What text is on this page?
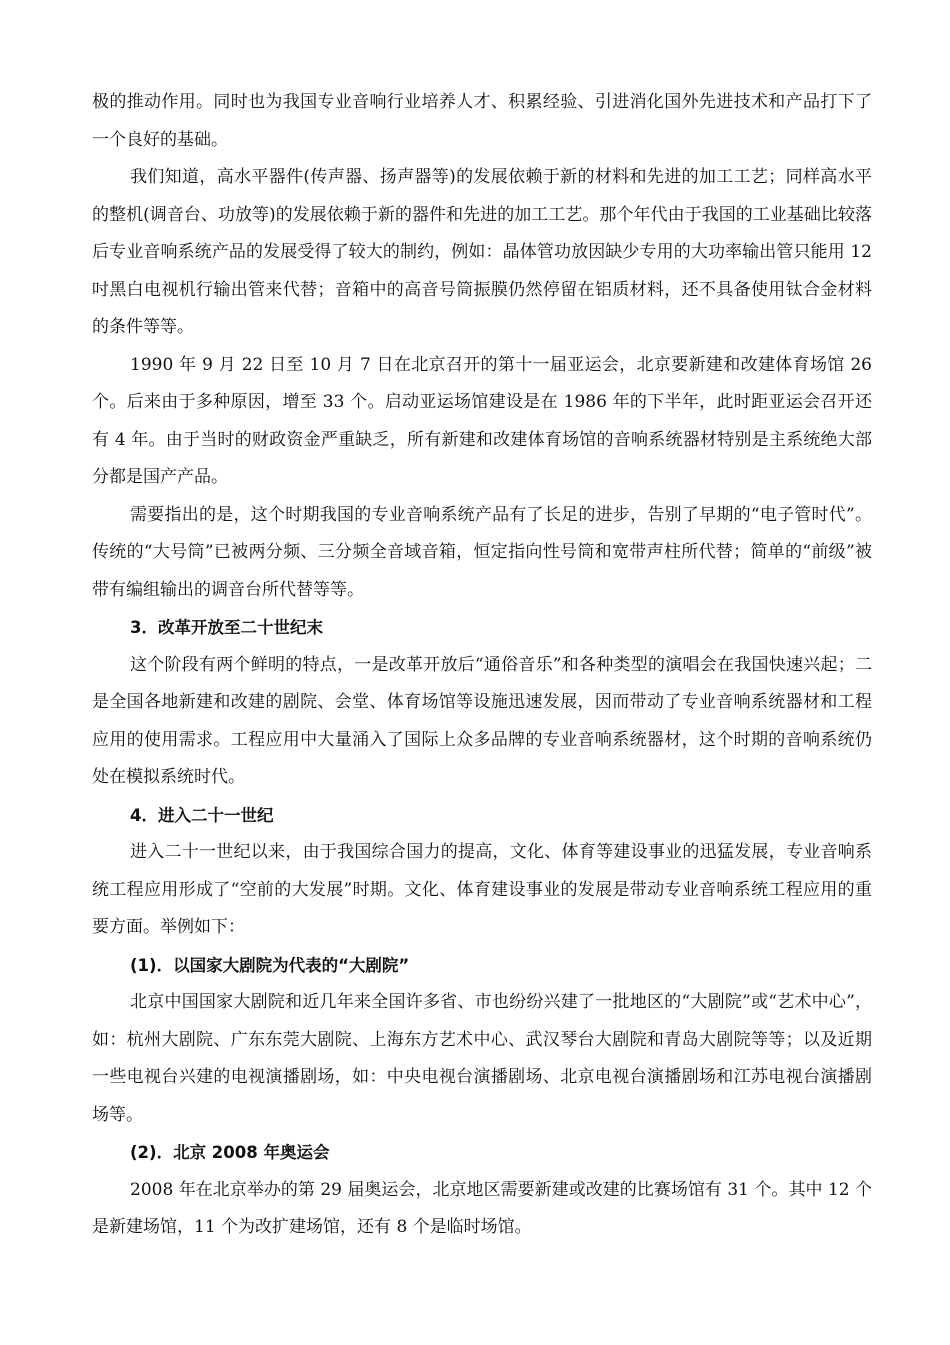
极的推动作用。同时也为我国专业音响行业培养人才、积累经验、引进消化国外先进技术和产品打下了一个良好的基础。

我们知道，高水平器件(传声器、扬声器等)的发展依赖于新的材料和先进的加工工艺；同样高水平的整机(调音台、功放等)的发展依赖于新的器件和先进的加工工艺。那个年代由于我国的工业基础比较落后专业音响系统产品的发展受得了较大的制约，例如：晶体管功放因缺少专用的大功率输出管只能用 12 吋黑白电视机行输出管来代替；音箱中的高音号筒振膜仍然停留在铝质材料，还不具备使用钛合金材料的条件等等。

1990 年 9 月 22 日至 10 月 7 日在北京召开的第十一届亚运会，北京要新建和改建体育场馆 26 个。后来由于多种原因，增至 33 个。启动亚运场馆建设是在 1986 年的下半年，此时距亚运会召开还有 4 年。由于当时的财政资金严重缺乏，所有新建和改建体育场馆的音响系统器材特别是主系统绝大部分都是国产产品。

需要指出的是，这个时期我国的专业音响系统产品有了长足的进步，告别了早期的“电子管时代”。传统的“大号筒”已被两分频、三分频全音域音箱，恒定指向性号筒和宽带声柱所代替；简单的“前级”被带有编组输出的调音台所代替等等。

3．改革开放至二十世纪末

这个阶段有两个鲜明的特点，一是改革开放后“通俗音乐”和各种类型的演唱会在我国快速兴起；二是全国各地新建和改建的剧院、会堂、体育场馆等设施迅速发展，因而带动了专业音响系统器材和工程应用的使用需求。工程应用中大量涌入了国际上众多品牌的专业音响系统器材，这个时期的音响系统仍处在模拟系统时代。

4．进入二十一世纪

进入二十一世纪以来，由于我国综合国力的提高，文化、体育等建设事业的迅猛发展，专业音响系统工程应用形成了“空前的大发展”时期。文化、体育建设事业的发展是带动专业音响系统工程应用的重要方面。举例如下：

(1)．以国家大剧院为代表的“大剧院”

北京中国国家大剧院和近几年来全国许多省、市也纷纷兴建了一批地区的“大剧院”或“艺术中心”，如：杭州大剧院、广东东莞大剧院、上海东方艺术中心、武汉琴台大剧院和青岛大剧院等等；以及近期一些电视台兴建的电视演播剧场，如：中央电视台演播剧场、北京电视台演播剧场和江苏电视台演播剧场等。

(2)．北京 2008 年奥运会

2008 年在北京举办的第 29 届奥运会，北京地区需要新建或改建的比赛场馆有 31 个。其中 12 个是新建场馆，11 个为改扩建场馆，还有 8 个是临时场馆。
